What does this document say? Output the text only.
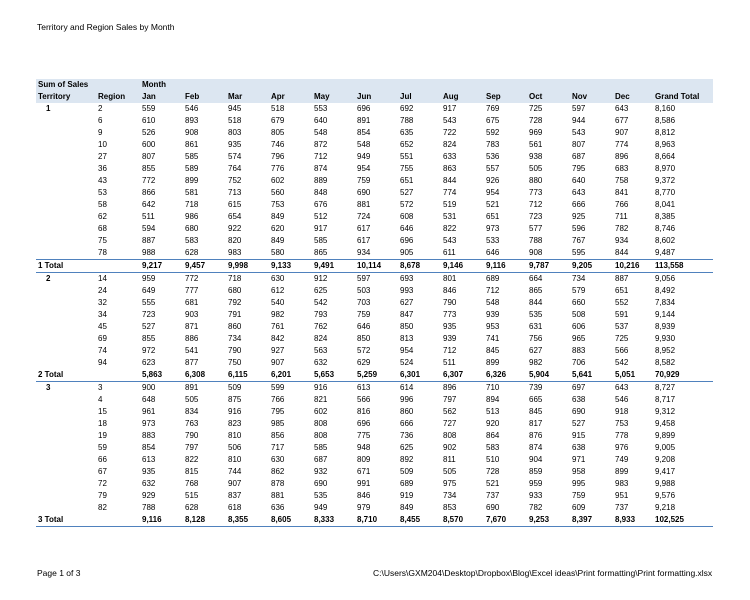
Territory and Region Sales by Month
Sum of Sales		Month												
Territory	Region	Jan	Feb	Mar	Apr	May	Jun	Jul	Aug	Sep	Oct	Nov	Dec	Grand Total
1	2	559	546	945	518	553	696	692	917	769	725	597	643	8,160
	6	610	893	518	679	640	891	788	543	675	728	944	677	8,586
	9	526	908	803	805	548	854	635	722	592	969	543	907	8,812
	10	600	861	935	746	872	548	652	824	783	561	807	774	8,963
	27	807	585	574	796	712	949	551	633	536	938	687	896	8,664
	36	855	589	764	776	874	954	755	863	557	505	795	683	8,970
	43	772	899	752	602	889	759	651	844	926	880	640	758	9,372
	53	866	581	713	560	848	690	527	774	954	773	643	841	8,770
	58	642	718	615	753	676	881	572	519	521	712	666	766	8,041
	62	511	986	654	849	512	724	608	531	651	723	925	711	8,385
	68	594	680	922	620	917	617	646	822	973	577	596	782	8,746
	75	887	583	820	849	585	617	696	543	533	788	767	934	8,602
	78	988	628	983	580	865	934	905	611	646	908	595	844	9,487
1 Total		9,217	9,457	9,998	9,133	9,491	10,114	8,678	9,146	9,116	9,787	9,205	10,216	113,558
2	14	959	772	718	630	912	597	693	801	689	664	734	887	9,056
	24	649	777	680	612	625	503	993	846	712	865	579	651	8,492
	32	555	681	792	540	542	703	627	790	548	844	660	552	7,834
	34	723	903	791	982	793	759	847	773	939	535	508	591	9,144
	45	527	871	860	761	762	646	850	935	953	631	606	537	8,939
	69	855	886	734	842	824	850	813	939	741	756	965	725	9,930
	74	972	541	790	927	563	572	954	712	845	627	883	566	8,952
	94	623	877	750	907	632	629	524	511	899	982	706	542	8,582
2 Total		5,863	6,308	6,115	6,201	5,653	5,259	6,301	6,307	6,326	5,904	5,641	5,051	70,929
3	3	900	891	509	599	916	613	614	896	710	739	697	643	8,727
	4	648	505	875	766	821	566	996	797	894	665	638	546	8,717
	15	961	834	916	795	602	816	860	562	513	845	690	918	9,312
	18	973	763	823	985	808	696	666	727	920	817	527	753	9,458
	19	883	790	810	856	808	775	736	808	864	876	915	778	9,899
	59	854	797	506	717	585	948	625	902	583	874	638	976	9,005
	66	613	822	810	630	687	809	892	811	510	904	971	749	9,208
	67	935	815	744	862	932	671	509	505	728	859	958	899	9,417
	72	632	768	907	878	690	991	689	975	521	959	995	983	9,988
	79	929	515	837	881	535	846	919	734	737	933	759	951	9,576
	82	788	628	618	636	949	979	849	853	690	782	609	737	9,218
3 Total		9,116	8,128	8,355	8,605	8,333	8,710	8,455	8,570	7,670	9,253	8,397	8,933	102,525
Page 1 of 3	C:\Users\GXM204\Desktop\Dropbox\Blog\Excel ideas\Print formatting\Print formatting.xlsx
